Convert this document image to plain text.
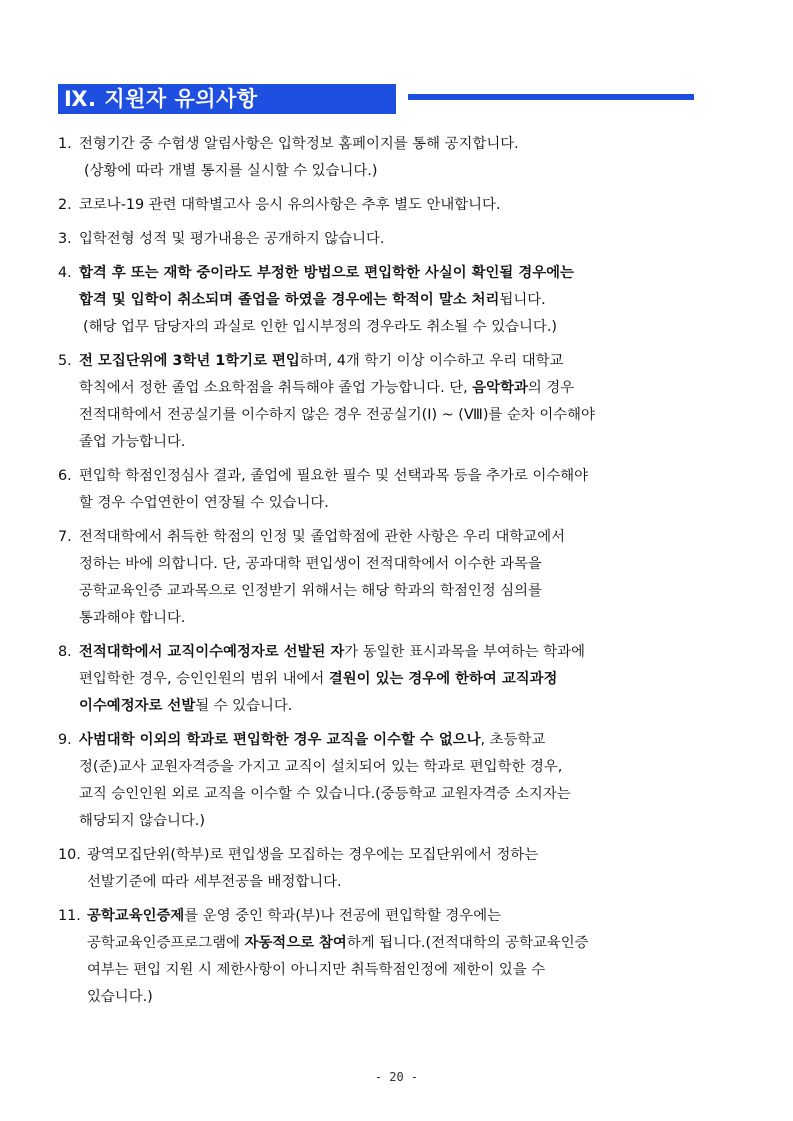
Ⅸ. 지원자 유의사항
1. 전형기간 중 수험생 알림사항은 입학정보 홈페이지를 통해 공지합니다.
(상황에 따라 개별 통지를 실시할 수 있습니다.)
2. 코로나-19 관련 대학별고사 응시 유의사항은 추후 별도 안내합니다.
3. 입학전형 성적 및 평가내용은 공개하지 않습니다.
4. 합격 후 또는 재학 중이라도 부정한 방법으로 편입학한 사실이 확인될 경우에는
합격 및 입학이 취소되며 졸업을 하였을 경우에는 학적이 말소 처리됩니다.
(해당 업무 담당자의 과실로 인한 입시부정의 경우라도 취소될 수 있습니다.)
5. 전 모집단위에 3학년 1학기로 편입하며, 4개 학기 이상 이수하고 우리 대학교
학칙에서 정한 졸업 소요학점을 취득해야 졸업 가능합니다. 단, 음악학과의 경우
전적대학에서 전공실기를 이수하지 않은 경우 전공실기(Ⅰ) ~ (Ⅷ)를 순차 이수해야
졸업 가능합니다.
6. 편입학 학점인정심사 결과, 졸업에 필요한 필수 및 선택과목 등을 추가로 이수해야
할 경우 수업연한이 연장될 수 있습니다.
7. 전적대학에서 취득한 학점의 인정 및 졸업학점에 관한 사항은 우리 대학교에서
정하는 바에 의합니다. 단, 공과대학 편입생이 전적대학에서 이수한 과목을
공학교육인증 교과목으로 인정받기 위해서는 해당 학과의 학점인정 심의를
통과해야 합니다.
8. 전적대학에서 교직이수예정자로 선발된 자가 동일한 표시과목을 부여하는 학과에
편입학한 경우, 승인인원의 범위 내에서 결원이 있는 경우에 한하여 교직과정
이수예정자로 선발될 수 있습니다.
9. 사범대학 이외의 학과로 편입학한 경우 교직을 이수할 수 없으나, 초등학교
정(준)교사 교원자격증을 가지고 교직이 설치되어 있는 학과로 편입학한 경우,
교직 승인인원 외로 교직을 이수할 수 있습니다.(중등학교 교원자격증 소지자는
해당되지 않습니다.)
10. 광역모집단위(학부)로 편입생을 모집하는 경우에는 모집단위에서 정하는
선발기준에 따라 세부전공을 배정합니다.
11. 공학교육인증제를 운영 중인 학과(부)나 전공에 편입학할 경우에는
공학교육인증프로그램에 자동적으로 참여하게 됩니다.(전적대학의 공학교육인증
여부는 편입 지원 시 제한사항이 아니지만 취득학점인정에 제한이 있을 수
있습니다.)
- 20 -
